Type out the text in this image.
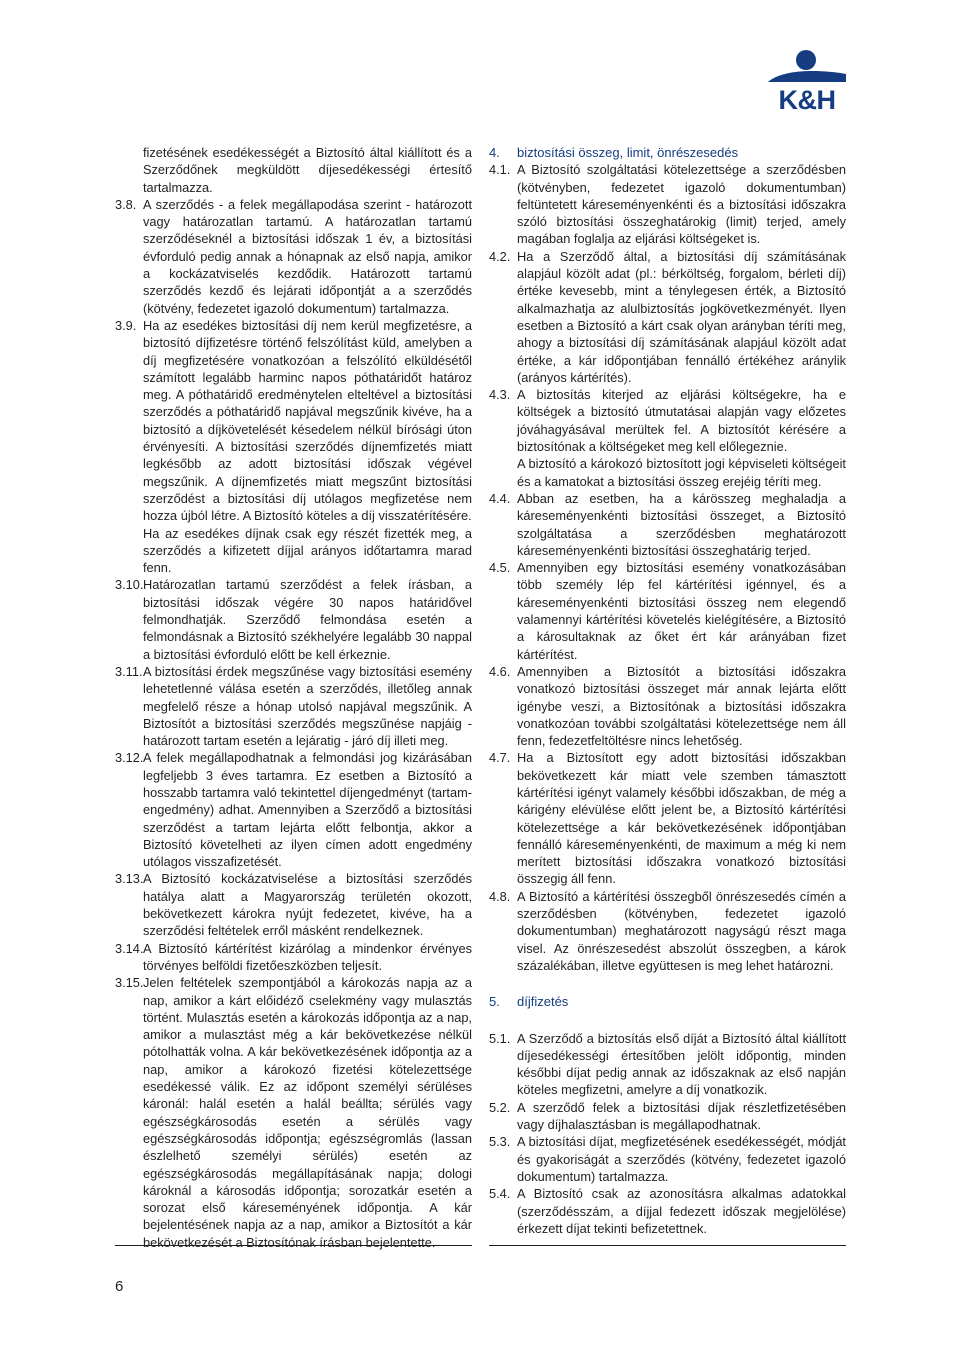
K&H

fizetésének esedékességét a Biztosító által kiállított és a Szerződőnek megküldött díjesedékességi értesítő tartalmazza.

3.8. A szerződés - a felek megállapodása szerint - határozott vagy határozatlan tartamú. A határozatlan tartamú szerződéseknél a biztosítási időszak 1 év, a biztosítási évforduló pedig annak a hónapnak az első napja, amikor a kockázatviselés kezdődik. Határozott tartamú szerződés kezdő és lejárati időpontját a a szerződés (kötvény, fedezetet igazoló dokumentum) tartalmazza.

3.9. Ha az esedékes biztosítási díj nem kerül megfizetésre, a biztosító díjfizetésre történő felszólítást küld, amelyben a díj megfizetésére vonatkozóan a felszólító elküldésétől számított legalább harminc napos póthatáridőt határoz meg. A póthatáridő eredménytelen elteltével a biztosítási szerződés a póthatáridő napjával megszűnik kivéve, ha a biztosító a díjkövetelését késedelem nélkül bírósági úton érvényesíti. A biztosítási szerződés díjnemfizetés miatt legkésőbb az adott biztosítási időszak végével megszűnik. A díjnemfizetés miatt megszűnt biztosítási szerződést a biztosítási díj utólagos megfizetése nem hozza újból létre. A Biztosító köteles a díj visszatérítésére.

Ha az esedékes díjnak csak egy részét fizették meg, a szerződés a kifizetett díjjal arányos időtartamra marad fenn.

3.10. Határozatlan tartamú szerződést a felek írásban, a biztosítási időszak végére 30 napos határidővel felmondhatják. Szerződő felmondása esetén a felmondásnak a Biztosító székhelyére legalább 30 nappal a biztosítási évforduló előtt be kell érkeznie.

3.11. A biztosítási érdek megszűnése vagy biztosítási esemény lehetetlenné válása esetén a szerződés, illetőleg annak megfelelő része a hónap utolsó napjával megszűnik. A Biztosítót a biztosítási szerződés megszűnése napjáig - határozott tartam esetén a lejáratig - járó díj illeti meg.

3.12. A felek megállapodhatnak a felmondási jog kizárásában legfeljebb 3 éves tartamra. Ez esetben a Biztosító a hosszabb tartamra való tekintettel díjengedményt (tartam-engedmény) adhat. Amennyiben a Szerződő a biztosítási szerződést a tartam lejárta előtt felbontja, akkor a Biztosító követelheti az ilyen címen adott engedmény utólagos visszafizetését.

3.13. A Biztosító kockázatviselése a biztosítási szerződés hatálya alatt a Magyarország területén okozott, bekövetkezett károkra nyújt fedezetet, kivéve, ha a szerződési feltételek erről másként rendelkeznek.

3.14. A Biztosító kártérítést kizárólag a mindenkor érvényes törvényes belföldi fizetőeszközben teljesít.

3.15. Jelen feltételek szempontjából a károkozás napja az a nap, amikor a kárt előidéző cselekmény vagy mulasztás történt. Mulasztás esetén a károkozás időpontja az a nap, amikor a mulasztást még a kár bekövetkezése nélkül pótolhatták volna. A kár bekövetkezésének időpontja az a nap, amikor a károkozó fizetési kötelezettsége esedékessé válik. Ez az időpont személyi sérüléses káronál: halál esetén a halál beállta; sérülés vagy egészségkárosodás esetén a sérülés vagy egészségkárosodás időpontja; egészségromlás (lassan észlelhető személyi sérülés) esetén az egészségkárosodás megállapításának napja; dologi károknál a károsodás időpontja; sorozatkár esetén a sorozat első káreseményének időpontja. A kár bejelentésének napja az a nap, amikor a Biztosítót a kár bekövetkezését a Biztosítónak írásban bejelentette.

4.	biztosítási összeg, limit, önrészesedés

4.1. A Biztosító szolgáltatási kötelezettsége a szerződésben (kötvényben, fedezetet igazoló dokumentumban) feltüntetett káreseményenkénti és a biztosítási időszakra szóló biztosítási összeghatárokig (limit) terjed, amely magában foglalja az eljárási költségeket is.

4.2. Ha a Szerződő által, a biztosítási díj számításának alapjául közölt adat (pl.: bérköltség, forgalom, bérleti díj) értéke kevesebb, mint a ténylegesen érték, a Biztosító alkalmazhatja az alulbiztosítás jogkövetkezményét. Ilyen esetben a Biztosító a kárt csak olyan arányban téríti meg, ahogy a biztosítási díj számításának alapjául közölt adat értéke, a kár időpontjában fennálló értékéhez aránylik (arányos kártérítés).

4.3. A biztosítás kiterjed az eljárási költségekre, ha e költségek a biztosító útmutatásai alapján vagy előzetes jóváhagyásával merültek fel. A biztosítót kérésére a biztosítónak a költségeket meg kell előlegeznie.

A biztosító a károkozó biztosított jogi képviseleti költségeit és a kamatokat a biztosítási összeg erejéig téríti meg.

4.4. Abban az esetben, ha a kárösszeg meghaladja a káreseményenkénti biztosítási összeget, a Biztosító szolgáltatása a szerződésben meghatározott káreseményenkénti biztosítási összeghatárig terjed.

4.5. Amennyiben egy biztosítási esemény vonatkozásában több személy lép fel kártérítési igénnyel, és a káreseményenkénti biztosítási összeg nem elegendő valamennyi kártérítési követelés kielégítésére, a Biztosító a károsultaknak az őket ért kár arányában fizet kártérítést.

4.6. Amennyiben a Biztosítót a biztosítási időszakra vonatkozó biztosítási összeget már annak lejárta előtt igénybe veszi, a Biztosítónak a biztosítási időszakra vonatkozóan további szolgáltatási kötelezettsége nem áll fenn, fedezetfeltöltésre nincs lehetőség.

4.7. Ha a Biztosított egy adott biztosítási időszakban bekövetkezett kár miatt vele szemben támasztott kártérítési igényt valamely későbbi időszakban, de még a kárigény elévülése előtt jelent be, a Biztosító kártérítési kötelezettsége a kár bekövetkezésének időpontjában fennálló káreseményenkénti, de maximum a még ki nem merített biztosítási időszakra vonatkozó biztosítási összegig áll fenn.

4.8. A Biztosító a kártérítési összegből önrészesedés címén a szerződésben (kötvényben, fedezetet igazoló dokumentumban) meghatározott nagyságú részt maga visel. Az önrészesedést abszolút összegben, a károk százalékában, illetve együttesen is meg lehet határozni.

5.	díjfizetés

5.1. A Szerződő a biztosítás első díját a Biztosító által kiállított díjesedékességi értesítőben jelölt időpontig, minden későbbi díjat pedig annak az időszaknak az első napján köteles megfizetni, amelyre a díj vonatkozik.

5.2. A szerződő felek a biztosítási díjak részletfizetésében vagy díjhalasztásban is megállapodhatnak.

5.3. A biztosítási díjat, megfizetésének esedékességét, módját és gyakoriságát a szerződés (kötvény, fedezetet igazoló dokumentum) tartalmazza.

5.4. A Biztosító csak az azonosításra alkalmas adatokkal (szerződésszám, a díjjal fedezett időszak megjelölése) érkezett díjat tekinti befizetettnek.

6
